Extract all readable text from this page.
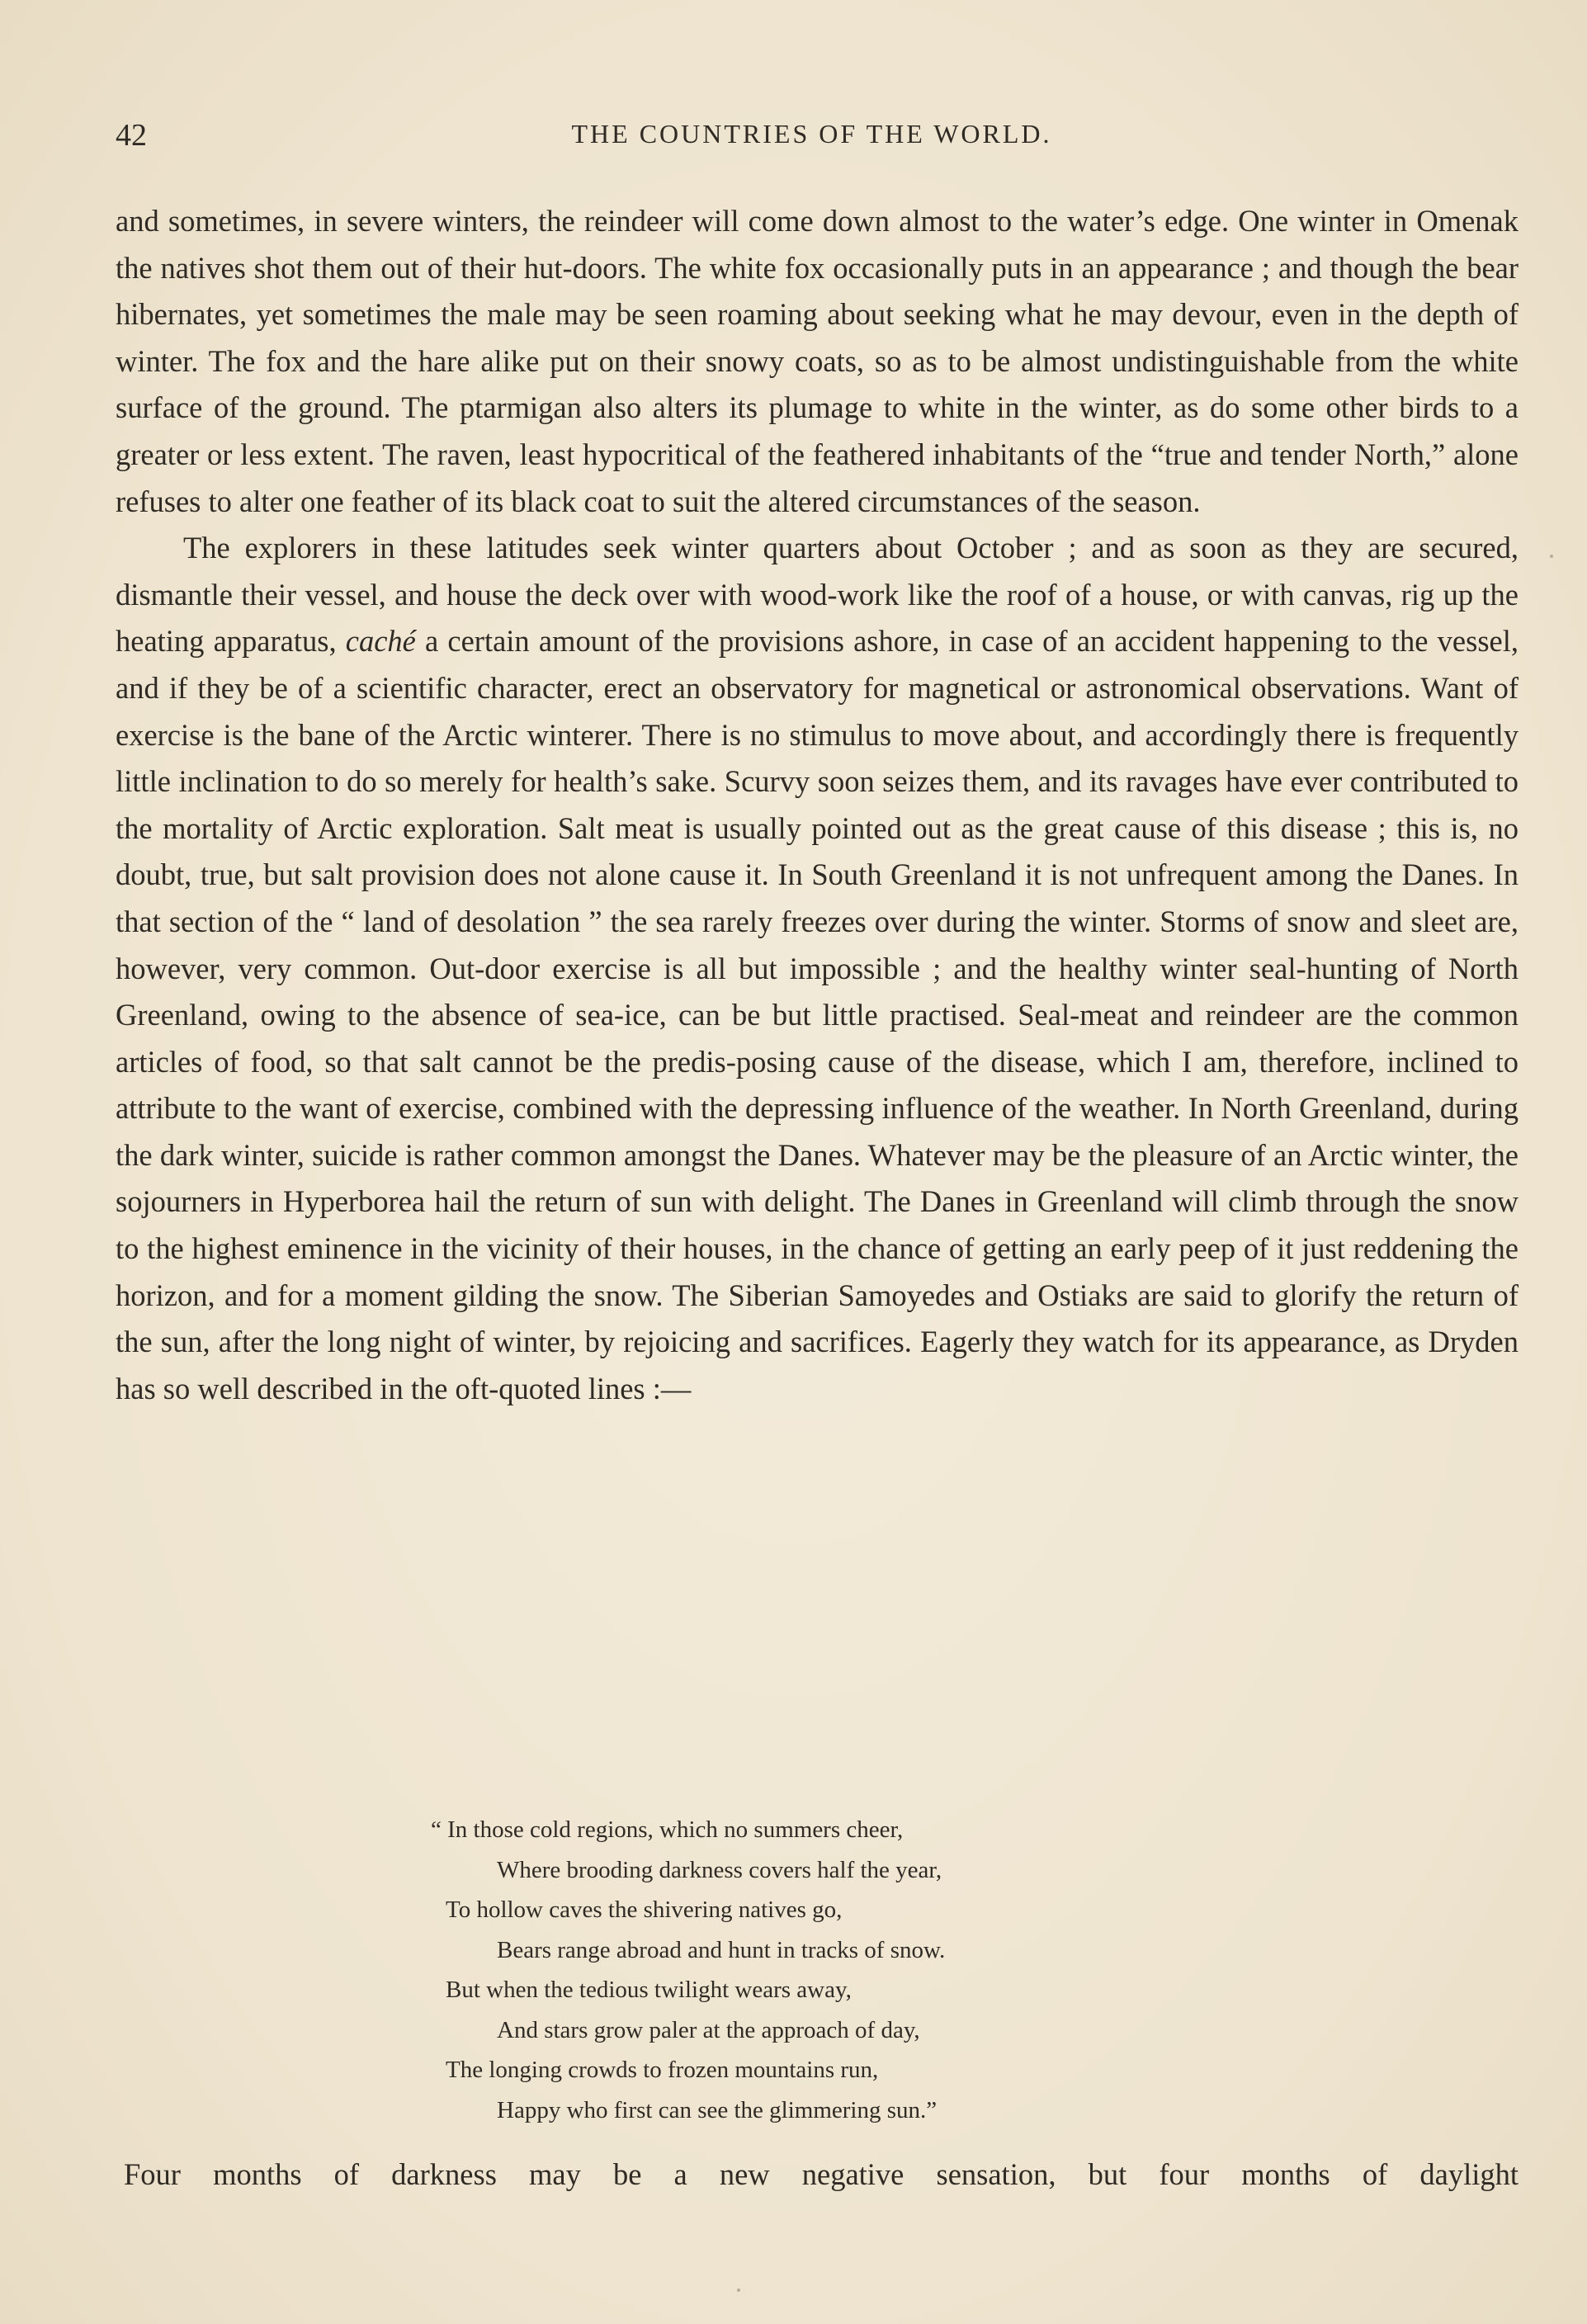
42	THE COUNTRIES OF THE WORLD.

and sometimes, in severe winters, the reindeer will come down almost to the water’s edge. One winter in Omenak the natives shot them out of their hut-doors. The white fox occasionally puts in an appearance ; and though the bear hibernates, yet sometimes the male may be seen roaming about seeking what he may devour, even in the depth of winter. The fox and the hare alike put on their snowy coats, so as to be almost undistinguishable from the white surface of the ground. The ptarmigan also alters its plumage to white in the winter, as do some other birds to a greater or less extent. The raven, least hypocritical of the feathered inhabitants of the “true and tender North,” alone refuses to alter one feather of its black coat to suit the altered circumstances of the season.

The explorers in these latitudes seek winter quarters about October ; and as soon as they are secured, dismantle their vessel, and house the deck over with wood-work like the roof of a house, or with canvas, rig up the heating apparatus, caché a certain amount of the provisions ashore, in case of an accident happening to the vessel, and if they be of a scientific character, erect an observatory for magnetical or astronomical observations. Want of exercise is the bane of the Arctic winterer. There is no stimulus to move about, and accordingly there is frequently little inclination to do so merely for health’s sake. Scurvy soon seizes them, and its ravages have ever contributed to the mortality of Arctic exploration. Salt meat is usually pointed out as the great cause of this disease ; this is, no doubt, true, but salt provision does not alone cause it. In South Greenland it is not unfrequent among the Danes. In that section of the “ land of desolation ” the sea rarely freezes over during the winter. Storms of snow and sleet are, however, very common. Out-door exercise is all but impossible ; and the healthy winter seal-hunting of North Greenland, owing to the absence of sea-ice, can be but little practised. Seal-meat and reindeer are the common articles of food, so that salt cannot be the predis-posing cause of the disease, which I am, therefore, inclined to attribute to the want of exercise, combined with the depressing influence of the weather. In North Greenland, during the dark winter, suicide is rather common amongst the Danes. Whatever may be the pleasure of an Arctic winter, the sojourners in Hyperborea hail the return of sun with delight. The Danes in Greenland will climb through the snow to the highest eminence in the vicinity of their houses, in the chance of getting an early peep of it just reddening the horizon, and for a moment gilding the snow. The Siberian Samoyedes and Ostiaks are said to glorify the return of the sun, after the long night of winter, by rejoicing and sacrifices. Eagerly they watch for its appearance, as Dryden has so well described in the oft-quoted lines :—

“ In those cold regions, which no summers cheer,
Where brooding darkness covers half the year,
To hollow caves the shivering natives go,
Bears range abroad and hunt in tracks of snow.
But when the tedious twilight wears away,
And stars grow paler at the approach of day,
The longing crowds to frozen mountains run,
Happy who first can see the glimmering sun.”
Four months of darkness may be a new negative sensation, but four months of daylight
